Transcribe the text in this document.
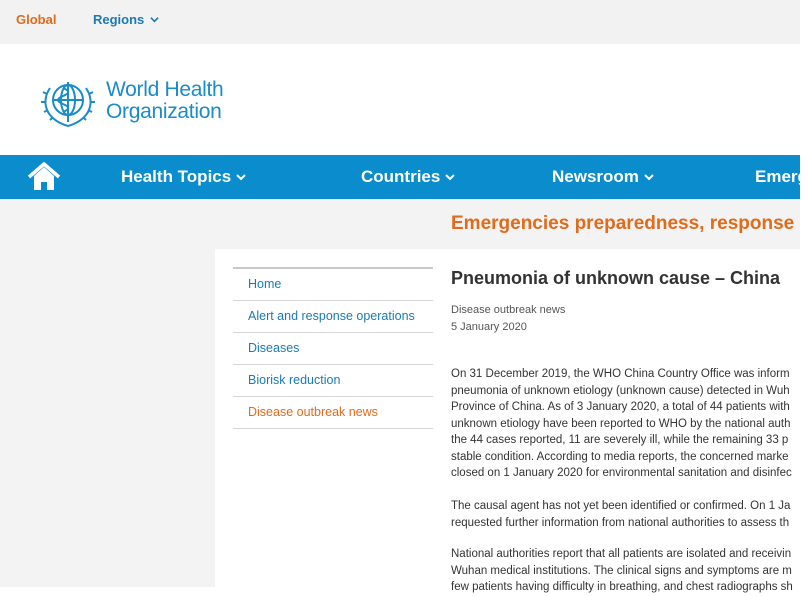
Global	Regions
World Health
Organization
Health Topics	Countries	Newsroom	Emerg
Emergencies preparedness, response
Home
Alert and response operations
Diseases
Biorisk reduction
Disease outbreak news
Pneumonia of unknown cause – China
Disease outbreak news
5 January 2020
On 31 December 2019, the WHO China Country Office was inform
pneumonia of unknown etiology (unknown cause) detected in Wuh
Province of China. As of 3 January 2020, a total of 44 patients with
unknown etiology have been reported to WHO by the national auth
the 44 cases reported, 11 are severely ill, while the remaining 33 p
stable condition. According to media reports, the concerned marke
closed on 1 January 2020 for environmental sanitation and disinfec
The causal agent has not yet been identified or confirmed. On 1 Ja
requested further information from national authorities to assess th
National authorities report that all patients are isolated and receivin
Wuhan medical institutions. The clinical signs and symptoms are m
few patients having difficulty in breathing, and chest radiographs sh
